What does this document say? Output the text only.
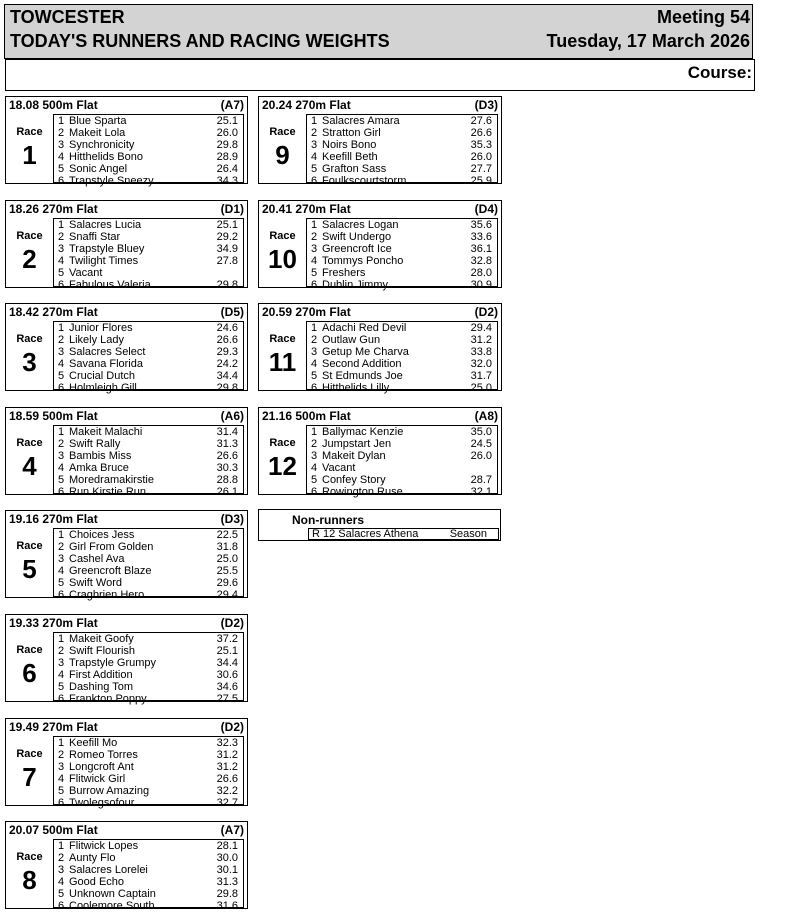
TOWCESTER	Meeting 54
TODAY'S RUNNERS AND RACING WEIGHTS	Tuesday, 17 March 2026
Course:
18.08 500m Flat	(A7)
Race
1
1 Blue Sparta	25.1
2 Makeit Lola	26.0
3 Synchronicity	29.8
4 Hitthelids Bono	28.9
5 Sonic Angel	26.4
6 Trapstyle Sneezy	34.3
18.26 270m Flat	(D1)
Race
2
1 Salacres Lucia	25.1
2 Snaffi Star	29.2
3 Trapstyle Bluey	34.9
4 Twilight Times	27.8
5 Vacant
6 Fabulous Valeria	29.8
18.42 270m Flat	(D5)
Race
3
1 Junior Flores	24.6
2 Likely Lady	26.6
3 Salacres Select	29.3
4 Savana Florida	24.2
5 Crucial Dutch	34.4
6 Holmleigh Gill	29.8
18.59 500m Flat	(A6)
Race
4
1 Makeit Malachi	31.4
2 Swift Rally	31.3
3 Bambis Miss	26.6
4 Amka Bruce	30.3
5 Moredramakirstie	28.8
6 Run Kirstie Run	26.1
19.16 270m Flat	(D3)
Race
5
1 Choices Jess	22.5
2 Girl From Golden	31.8
3 Cashel Ava	25.0
4 Greencroft Blaze	25.5
5 Swift Word	29.6
6 Cragbrien Hero	29.4
19.33 270m Flat	(D2)
Race
6
1 Makeit Goofy	37.2
2 Swift Flourish	25.1
3 Trapstyle Grumpy	34.4
4 First Addition	30.6
5 Dashing Tom	34.6
6 Frankton Poppy	27.5
19.49 270m Flat	(D2)
Race
7
1 Keefill Mo	32.3
2 Romeo Torres	31.2
3 Longcroft Ant	31.2
4 Flitwick Girl	26.6
5 Burrow Amazing	32.2
6 Twolegsofour	32.7
20.07 500m Flat	(A7)
Race
8
1 Flitwick Lopes	28.1
2 Aunty Flo	30.0
3 Salacres Lorelei	30.1
4 Good Echo	31.3
5 Unknown Captain	29.8
6 Coolemore South	31.6
20.24 270m Flat	(D3)
Race
9
1 Salacres Amara	27.6
2 Stratton Girl	26.6
3 Noirs Bono	35.3
4 Keefill Beth	26.0
5 Grafton Sass	27.7
6 Foulkscourtstorm	25.9
20.41 270m Flat	(D4)
Race
10
1 Salacres Logan	35.6
2 Swift Undergo	33.6
3 Greencroft Ice	36.1
4 Tommys Poncho	32.8
5 Freshers	28.0
6 Dublin Jimmy	30.9
20.59 270m Flat	(D2)
Race
11
1 Adachi Red Devil	29.4
2 Outlaw Gun	31.2
3 Getup Me Charva	33.8
4 Second Addition	32.0
5 St Edmunds Joe	31.7
6 Hitthelids Lilly	25.0
21.16 500m Flat	(A8)
Race
12
1 Ballymac Kenzie	35.0
2 Jumpstart Jen	24.5
3 Makeit Dylan	26.0
4 Vacant
5 Confey Story	28.7
6 Rowington Ruse	32.1
Non-runners
R 12 Salacres Athena	Season
